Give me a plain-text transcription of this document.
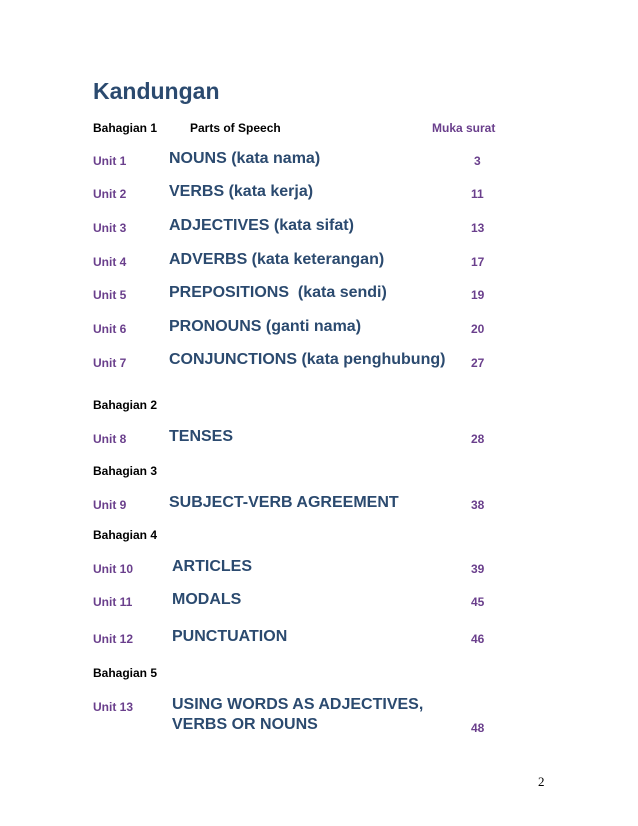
Kandungan
Bahagian 1	Parts of Speech	Muka surat
Unit 1	NOUNS (kata nama)	3
Unit 2	VERBS (kata kerja)	11
Unit 3	ADJECTIVES (kata sifat)	13
Unit 4	ADVERBS (kata keterangan)	17
Unit 5	PREPOSITIONS  (kata sendi)	19
Unit 6	PRONOUNS (ganti nama)	20
Unit 7	CONJUNCTIONS (kata penghubung) 27
Bahagian 2
Unit 8	TENSES	28
Bahagian 3
Unit 9	SUBJECT-VERB AGREEMENT	38
Bahagian 4
Unit 10 ARTICLES	39
Unit 11 MODALS	45
Unit 12 PUNCTUATION	46
Bahagian 5
Unit 13 USING WORDS AS ADJECTIVES,
VERBS OR NOUNS	48
2
